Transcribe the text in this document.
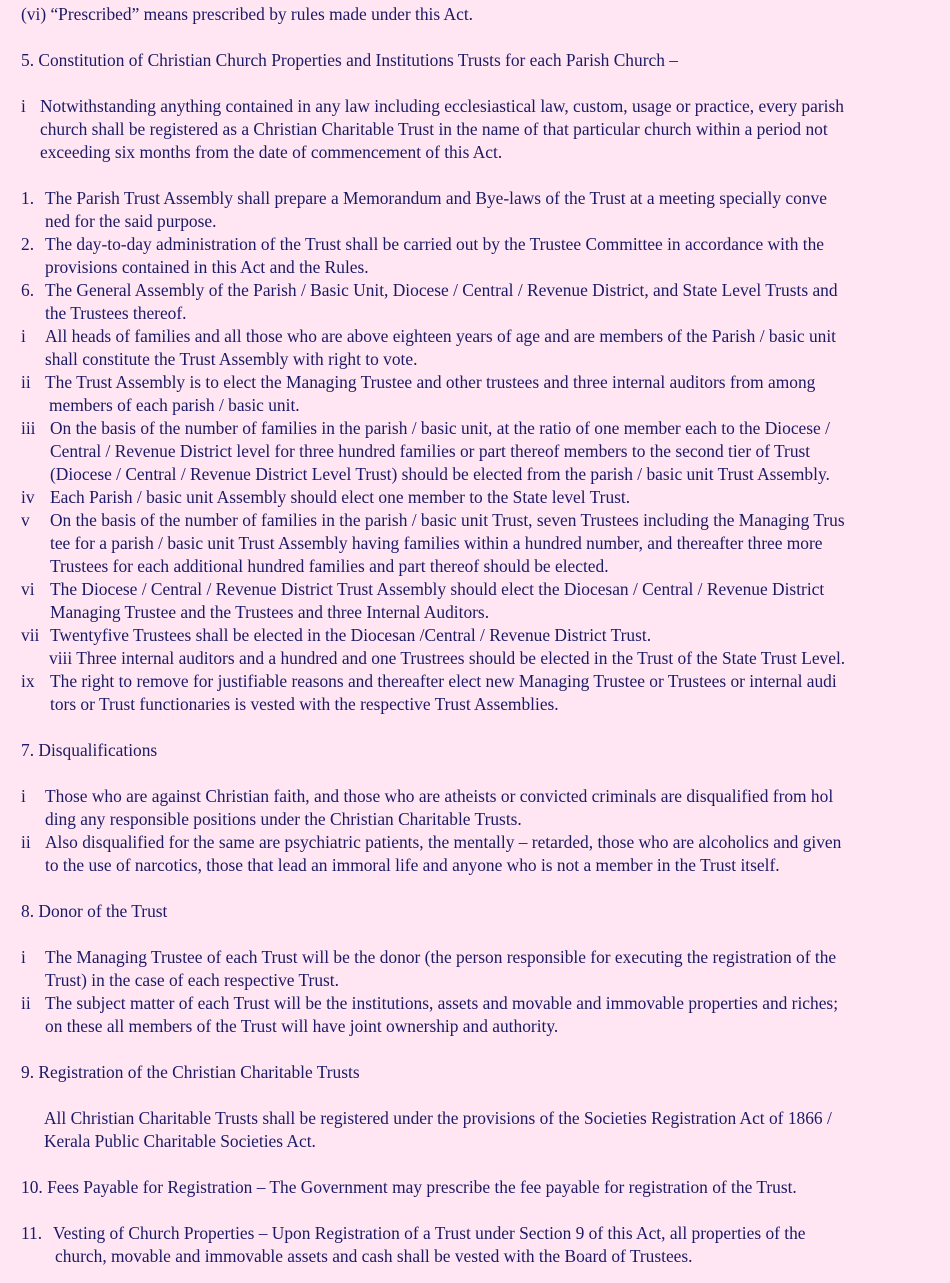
(vi) “Prescribed” means prescribed by rules made under this Act.
5. Constitution of Christian Church Properties and Institutions Trusts for each Parish Church –
i Notwithstanding anything contained in any law including ecclesiastical law, custom, usage or practice, every parish
church shall be registered as a Christian Charitable Trust in the name of that particular church within a period not
exceeding six months from the date of commencement of this Act.
1. The Parish Trust Assembly shall prepare a Memorandum and Bye-laws of the Trust at a meeting specially conve
ned for the said purpose.
2. The day-to-day administration of the Trust shall be carried out by the Trustee Committee in accordance with the
provisions contained in this Act and the Rules.
6. The General Assembly of the Parish / Basic Unit, Diocese / Central / Revenue District, and State Level Trusts and
the Trustees thereof.
i All heads of families and all those who are above eighteen years of age and are members of the Parish / basic unit
shall constitute the Trust Assembly with right to vote.
ii The Trust Assembly is to elect the Managing Trustee and other trustees and three internal auditors from among
members of each parish / basic unit.
iii On the basis of the number of families in the parish / basic unit, at the ratio of one member each to the Diocese /
Central / Revenue District level for three hundred families or part thereof members to the second tier of Trust
(Diocese / Central / Revenue District Level Trust) should be elected from the parish / basic unit Trust Assembly.
iv Each Parish / basic unit Assembly should elect one member to the State level Trust.
v On the basis of the number of families in the parish / basic unit Trust, seven Trustees including the Managing Trus
tee for a parish / basic unit Trust Assembly having families within a hundred number, and thereafter three more
Trustees for each additional hundred families and part thereof should be elected.
vi The Diocese / Central / Revenue District Trust Assembly should elect the Diocesan / Central / Revenue District
Managing Trustee and the Trustees and three Internal Auditors.
vii Twentyfive Trustees shall be elected in the Diocesan /Central / Revenue District Trust.
viii Three internal auditors and a hundred and one Trustrees should be elected in the Trust of the State Trust Level.
ix The right to remove for justifiable reasons and thereafter elect new Managing Trustee or Trustees or internal audi
tors or Trust functionaries is vested with the respective Trust Assemblies.
7. Disqualifications
i Those who are against Christian faith, and those who are atheists or convicted criminals are disqualified from hol
ding any responsible positions under the Christian Charitable Trusts.
ii Also disqualified for the same are psychiatric patients, the mentally – retarded, those who are alcoholics and given
to the use of narcotics, those that lead an immoral life and anyone who is not a member in the Trust itself.
8. Donor of the Trust
i The Managing Trustee of each Trust will be the donor (the person responsible for executing the registration of the
Trust) in the case of each respective Trust.
ii The subject matter of each Trust will be the institutions, assets and movable and immovable properties and riches;
on these all members of the Trust will have joint ownership and authority.
9. Registration of the Christian Charitable Trusts
All Christian Charitable Trusts shall be registered under the provisions of the Societies Registration Act of 1866 /
Kerala Public Charitable Societies Act.
10. Fees Payable for Registration – The Government may prescribe the fee payable for registration of the Trust.
11. Vesting of Church Properties – Upon Registration of a Trust under Section 9 of this Act, all properties of the
church, movable and immovable assets and cash shall be vested with the Board of Trustees.
